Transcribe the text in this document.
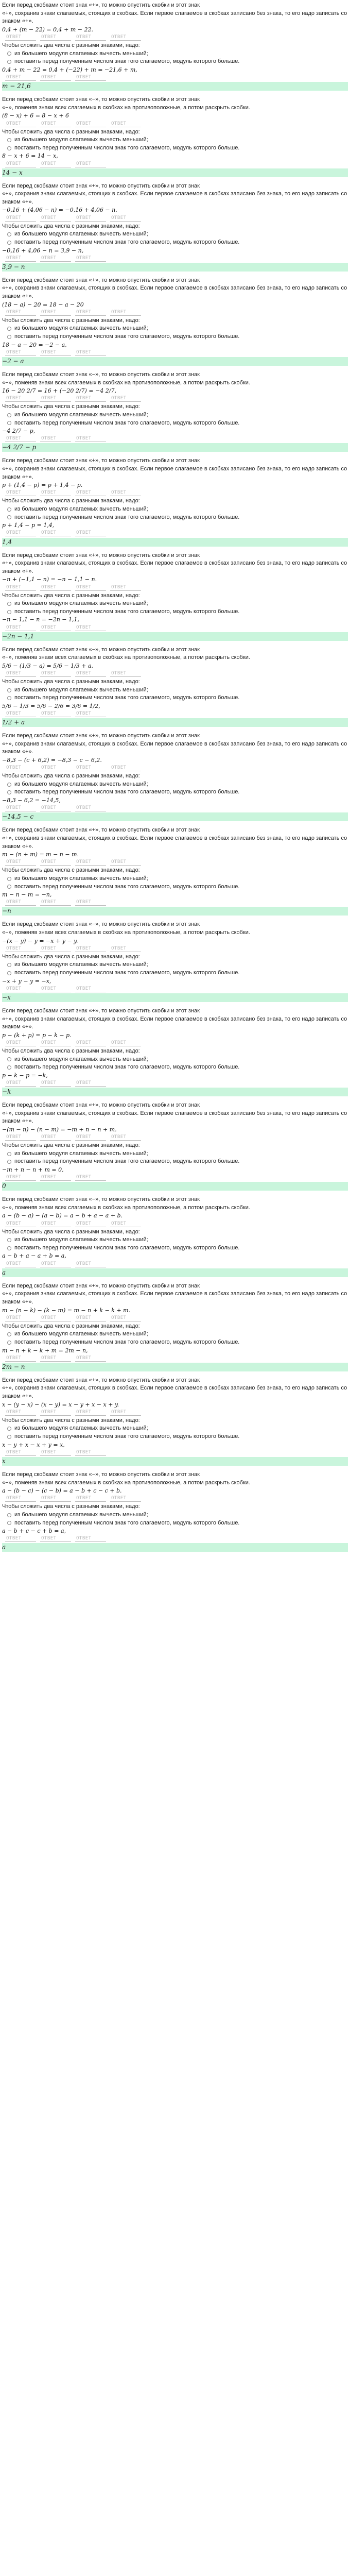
Если перед скобками стоит знак «+», то можно опустить скобки и этот знак

«+», сохранив знаки слагаемых, стоящих в скобках. Если первое слагаемое в скобках записано без знака, то его надо записать со знаком «+».

0,4 + (m − 22) = 0,4 + m − 22.

ОТВЕТ	ОТВЕТ	ОТВЕТ	ОТВЕТ

Чтобы сложить два числа с разными знаками, надо:

из большего модуля слагаемых вычесть меньший;
поставить перед полученным числом знак того слагаемого, модуль которого больше.

0,4 + m − 22 = 0,4 + (−22) + m = −21,6 + m,

ОТВЕТ	ОТВЕТ	ОТВЕТ
m − 21,6

Если перед скобками стоит знак «−», то можно опустить скобки и этот знак

«−», поменяв знаки всех слагаемых в скобках на противоположные, а потом раскрыть скобки.

(8 − x) + 6 = 8 − x + 6

ОТВЕТ	ОТВЕТ	ОТВЕТ	ОТВЕТ

Чтобы сложить два числа с разными знаками, надо:

из большего модуля слагаемых вычесть меньший;
поставить перед полученным числом знак того слагаемого, модуль которого больше.

8 − x + 6 = 14 − x,

ОТВЕТ	ОТВЕТ	ОТВЕТ
14 − x

Если перед скобками стоит знак «+», то можно опустить скобки и этот знак

«+», сохранив знаки слагаемых, стоящих в скобках. Если первое слагаемое в скобках записано без знака, то его надо записать со знаком «+».

−0,16 + (4,06 − n) = −0,16 + 4,06 − n.

ОТВЕТ	ОТВЕТ	ОТВЕТ	ОТВЕТ

Чтобы сложить два числа с разными знаками, надо:

из большего модуля слагаемых вычесть меньший;
поставить перед полученным числом знак того слагаемого, модуль которого больше.

−0,16 + 4,06 − n = 3,9 − n,

ОТВЕТ	ОТВЕТ	ОТВЕТ
3,9 − n

Если перед скобками стоит знак «+», то можно опустить скобки и этот знак

«+», сохранив знаки слагаемых, стоящих в скобках. Если первое слагаемое в скобках записано без знака, то его надо записать со знаком «+».

(18 − a) − 20 = 18 − a − 20

ОТВЕТ	ОТВЕТ	ОТВЕТ	ОТВЕТ

Чтобы сложить два числа с разными знаками, надо:

из большего модуля слагаемых вычесть меньший;
поставить перед полученным числом знак того слагаемого, модуль которого больше.

18 − a − 20 = −2 − a,

ОТВЕТ	ОТВЕТ	ОТВЕТ
−2 − a

Если перед скобками стоит знак «−», то можно опустить скобки и этот знак

«−», поменяв знаки всех слагаемых в скобках на противоположные, а потом раскрыть скобки.

16 − 20 2/7 = 16 + (−20 2/7) = −4 2/7,

ОТВЕТ	ОТВЕТ	ОТВЕТ	ОТВЕТ

Чтобы сложить два числа с разными знаками, надо:

из большего модуля слагаемых вычесть меньший;
поставить перед полученным числом знак того слагаемого, модуль которого больше.

−4 2/7 − p,

ОТВЕТ	ОТВЕТ	ОТВЕТ
−4 2/7 − p

Если перед скобками стоит знак «+», то можно опустить скобки и этот знак

«+», сохранив знаки слагаемых, стоящих в скобках. Если первое слагаемое в скобках записано без знака, то его надо записать со знаком «+».

p + (1,4 − p) = p + 1,4 − p.

ОТВЕТ	ОТВЕТ	ОТВЕТ	ОТВЕТ

Чтобы сложить два числа с разными знаками, надо:

из большего модуля слагаемых вычесть меньший;
поставить перед полученным числом знак того слагаемого, модуль которого больше.

p + 1,4 − p = 1,4,

ОТВЕТ	ОТВЕТ	ОТВЕТ
1,4

Если перед скобками стоит знак «+», то можно опустить скобки и этот знак

«+», сохранив знаки слагаемых, стоящих в скобках. Если первое слагаемое в скобках записано без знака, то его надо записать со знаком «+».

−n + (−1,1 − n) = −n − 1,1 − n.

ОТВЕТ	ОТВЕТ	ОТВЕТ	ОТВЕТ

Чтобы сложить два числа с разными знаками, надо:

из большего модуля слагаемых вычесть меньший;
поставить перед полученным числом знак того слагаемого, модуль которого больше.

−n − 1,1 − n = −2n − 1,1,

ОТВЕТ	ОТВЕТ	ОТВЕТ
−2n − 1,1

Если перед скобками стоит знак «−», то можно опустить скобки и этот знак

«−», поменяв знаки всех слагаемых в скобках на противоположные, а потом раскрыть скобки.

5/6 − (1/3 − a) = 5/6 − 1/3 + a.

ОТВЕТ	ОТВЕТ	ОТВЕТ	ОТВЕТ

Чтобы сложить два числа с разными знаками, надо:

из большего модуля слагаемых вычесть меньший;
поставить перед полученным числом знак того слагаемого, модуль которого больше.

5/6 − 1/3 = 5/6 − 2/6 = 3/6 = 1/2,

ОТВЕТ	ОТВЕТ	ОТВЕТ
1/2 + a

Если перед скобками стоит знак «+», то можно опустить скобки и этот знак

«+», сохранив знаки слагаемых, стоящих в скобках. Если первое слагаемое в скобках записано без знака, то его надо записать со знаком «+».

−8,3 − (c + 6,2) = −8,3 − c − 6,2.

ОТВЕТ	ОТВЕТ	ОТВЕТ	ОТВЕТ

Чтобы сложить два числа с разными знаками, надо:

из большего модуля слагаемых вычесть меньший;
поставить перед полученным числом знак того слагаемого, модуль которого больше.

−8,3 − 6,2 = −14,5,

ОТВЕТ	ОТВЕТ	ОТВЕТ
−14,5 − c

Если перед скобками стоит знак «+», то можно опустить скобки и этот знак

«+», сохранив знаки слагаемых, стоящих в скобках. Если первое слагаемое в скобках записано без знака, то его надо записать со знаком «+».

m − (n + m) = m − n − m.

ОТВЕТ	ОТВЕТ	ОТВЕТ	ОТВЕТ

Чтобы сложить два числа с разными знаками, надо:

из большего модуля слагаемых вычесть меньший;
поставить перед полученным числом знак того слагаемого, модуль которого больше.

m − n − m = −n,

ОТВЕТ	ОТВЕТ	ОТВЕТ
−n

Если перед скобками стоит знак «−», то можно опустить скобки и этот знак

«−», поменяв знаки всех слагаемых в скобках на противоположные, а потом раскрыть скобки.

−(x − y) − y = −x + y − y.

ОТВЕТ	ОТВЕТ	ОТВЕТ	ОТВЕТ

Чтобы сложить два числа с разными знаками, надо:

из большего модуля слагаемых вычесть меньший;
поставить перед полученным числом знак того слагаемого, модуль которого больше.

−x + y − y = −x,

ОТВЕТ	ОТВЕТ	ОТВЕТ
−x

Если перед скобками стоит знак «+», то можно опустить скобки и этот знак

«+», сохранив знаки слагаемых, стоящих в скобках. Если первое слагаемое в скобках записано без знака, то его надо записать со знаком «+».

p − (k + p) = p − k − p.

ОТВЕТ	ОТВЕТ	ОТВЕТ	ОТВЕТ

Чтобы сложить два числа с разными знаками, надо:

из большего модуля слагаемых вычесть меньший;
поставить перед полученным числом знак того слагаемого, модуль которого больше.

p − k − p = −k,

ОТВЕТ	ОТВЕТ	ОТВЕТ
−k

Если перед скобками стоит знак «+», то можно опустить скобки и этот знак

«+», сохранив знаки слагаемых, стоящих в скобках. Если первое слагаемое в скобках записано без знака, то его надо записать со знаком «+».

−(m − n) − (n − m) = −m + n − n + m.

ОТВЕТ	ОТВЕТ	ОТВЕТ	ОТВЕТ

Чтобы сложить два числа с разными знаками, надо:

из большего модуля слагаемых вычесть меньший;
поставить перед полученным числом знак того слагаемого, модуль которого больше.

−m + n − n + m = 0,

ОТВЕТ	ОТВЕТ	ОТВЕТ
0

Если перед скобками стоит знак «−», то можно опустить скобки и этот знак

«−», поменяв знаки всех слагаемых в скобках на противоположные, а потом раскрыть скобки.

a − (b − a) − (a − b) = a − b + a − a + b.

ОТВЕТ	ОТВЕТ	ОТВЕТ	ОТВЕТ

Чтобы сложить два числа с разными знаками, надо:

из большего модуля слагаемых вычесть меньший;
поставить перед полученным числом знак того слагаемого, модуль которого больше.

a − b + a − a + b = a,

ОТВЕТ	ОТВЕТ	ОТВЕТ
a

Если перед скобками стоит знак «+», то можно опустить скобки и этот знак

«+», сохранив знаки слагаемых, стоящих в скобках. Если первое слагаемое в скобках записано без знака, то его надо записать со знаком «+».

m − (n − k) − (k − m) = m − n + k − k + m.

ОТВЕТ	ОТВЕТ	ОТВЕТ	ОТВЕТ

Чтобы сложить два числа с разными знаками, надо:

из большего модуля слагаемых вычесть меньший;
поставить перед полученным числом знак того слагаемого, модуль которого больше.

m − n + k − k + m = 2m − n,

ОТВЕТ	ОТВЕТ	ОТВЕТ
2m − n

Если перед скобками стоит знак «+», то можно опустить скобки и этот знак

«+», сохранив знаки слагаемых, стоящих в скобках. Если первое слагаемое в скобках записано без знака, то его надо записать со знаком «+».

x − (y − x) − (x − y) = x − y + x − x + y.

ОТВЕТ	ОТВЕТ	ОТВЕТ	ОТВЕТ

Чтобы сложить два числа с разными знаками, надо:

из большего модуля слагаемых вычесть меньший;
поставить перед полученным числом знак того слагаемого, модуль которого больше.

x − y + x − x + y = x,

ОТВЕТ	ОТВЕТ	ОТВЕТ
x

Если перед скобками стоит знак «−», то можно опустить скобки и этот знак

«−», поменяв знаки всех слагаемых в скобках на противоположные, а потом раскрыть скобки.

a − (b − c) − (c − b) = a − b + c − c + b.

ОТВЕТ	ОТВЕТ	ОТВЕТ	ОТВЕТ

Чтобы сложить два числа с разными знаками, надо:

из большего модуля слагаемых вычесть меньший;
поставить перед полученным числом знак того слагаемого, модуль которого больше.

a − b + c − c + b = a,

ОТВЕТ	ОТВЕТ	ОТВЕТ
a
